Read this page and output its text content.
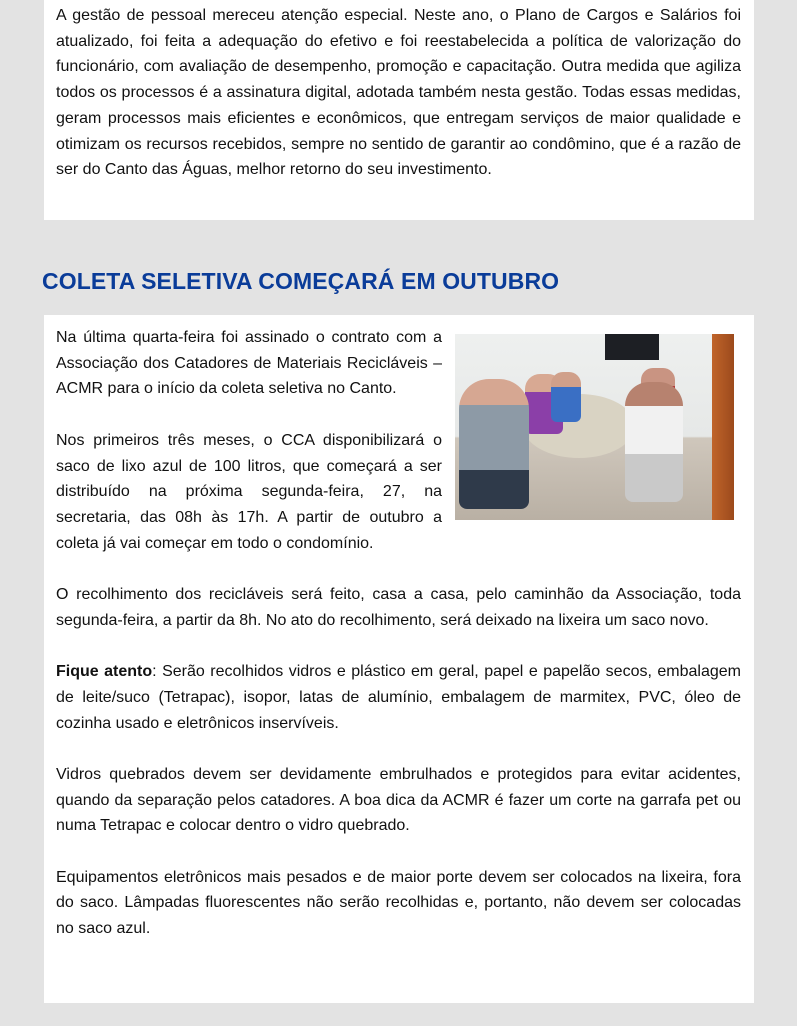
A gestão de pessoal mereceu atenção especial. Neste ano, o Plano de Cargos e Salários foi atualizado, foi feita a adequação do efetivo e foi reestabelecida a política de valorização do funcionário, com avaliação de desempenho, promoção e capacitação. Outra medida que agiliza todos os processos é a assinatura digital, adotada também nesta gestão. Todas essas medidas, geram processos mais eficientes e econômicos, que entregam serviços de maior qualidade e otimizam os recursos recebidos, sempre no sentido de garantir ao condômino, que é a razão de ser do Canto das Águas, melhor retorno do seu investimento.

COLETA SELETIVA COMEÇARÁ EM OUTUBRO

Na última quarta-feira foi assinado o contrato com a Associação dos Catadores de Materiais Recicláveis – ACMR para o início da coleta seletiva no Canto.

Nos primeiros três meses, o CCA disponibilizará o saco de lixo azul de 100 litros, que começará a ser distribuído na próxima segunda-feira, 27, na secretaria, das 08h às 17h. A partir de outubro a coleta já vai começar em todo o condomínio.

O recolhimento dos recicláveis será feito, casa a casa, pelo caminhão da Associação, toda segunda-feira, a partir da 8h. No ato do recolhimento, será deixado na lixeira um saco novo.

Fique atento: Serão recolhidos vidros e plástico em geral, papel e papelão secos, embalagem de leite/suco (Tetrapac), isopor, latas de alumínio, embalagem de marmitex, PVC, óleo de cozinha usado e eletrônicos inservíveis.

Vidros quebrados devem ser devidamente embrulhados e protegidos para evitar acidentes, quando da separação pelos catadores. A boa dica da ACMR é fazer um corte na garrafa pet ou numa Tetrapac e colocar dentro o vidro quebrado.

Equipamentos eletrônicos mais pesados e de maior porte devem ser colocados na lixeira, fora do saco. Lâmpadas fluorescentes não serão recolhidas e, portanto, não devem ser colocadas no saco azul.
